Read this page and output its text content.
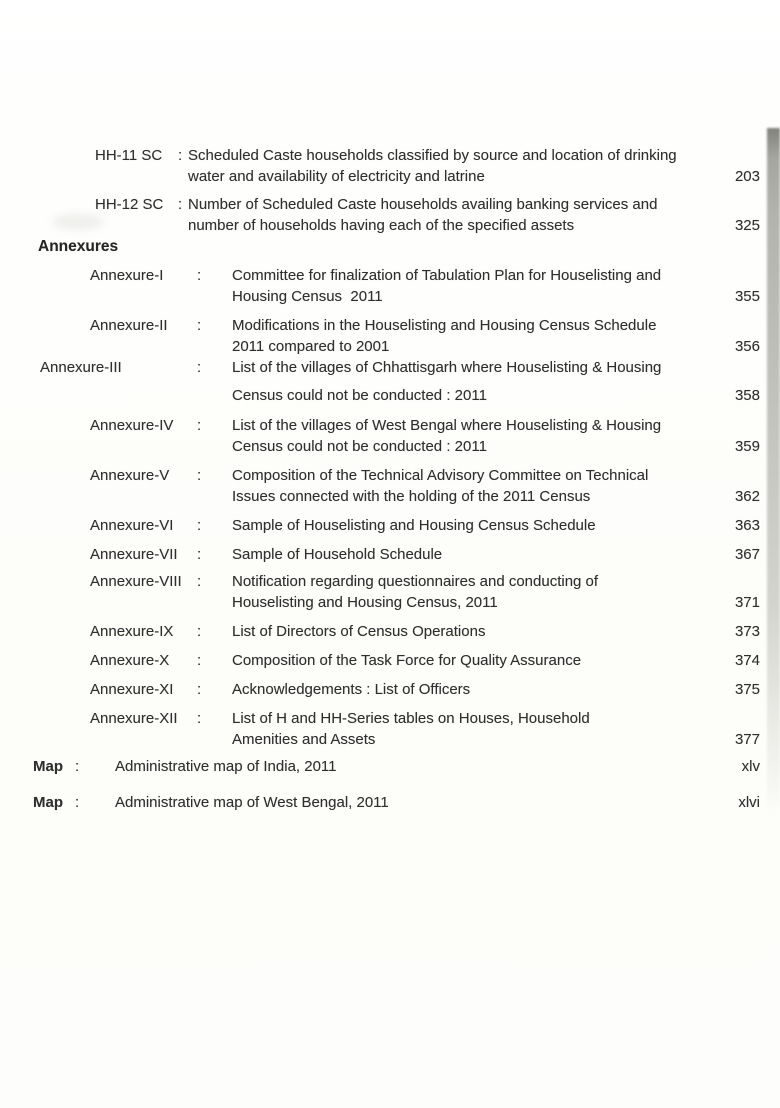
HH-11 SC	: Scheduled Caste households classified by source and location of drinking
water and availability of electricity and latrine	203
HH-12 SC : Number of Scheduled Caste households availing banking services and
number of households having each of the specified assets	325
Annexures
Annexure-I	:	Committee for finalization of Tabulation Plan for Houselisting and
Housing Census  2011	355
Annexure-II	:	Modifications in the Houselisting and Housing Census Schedule
2011 compared to 2001	356
Annexure-III	:	List of the villages of Chhattisgarh where Houselisting & Housing
Census could not be conducted : 2011	358
Annexure-IV	:	List of the villages of West Bengal where Houselisting & Housing
Census could not be conducted : 2011	359
Annexure-V	:	Composition of the Technical Advisory Committee on Technical
Issues connected with the holding of the 2011 Census	362
Annexure-VI	:	Sample of Houselisting and Housing Census Schedule	363
Annexure-VII	:	Sample of Household Schedule	367
Annexure-VIII	:	Notification regarding questionnaires and conducting of
Houselisting and Housing Census, 2011	371
Annexure-IX	:	List of Directors of Census Operations	373
Annexure-X	:	Composition of the Task Force for Quality Assurance	374
Annexure-XI	:	Acknowledgements : List of Officers	375
Annexure-XII	:	List of H and HH-Series tables on Houses, Household
Amenities and Assets	377
Map :	Administrative map of India, 2011	xlv
Map :	Administrative map of West Bengal, 2011	xlvi
